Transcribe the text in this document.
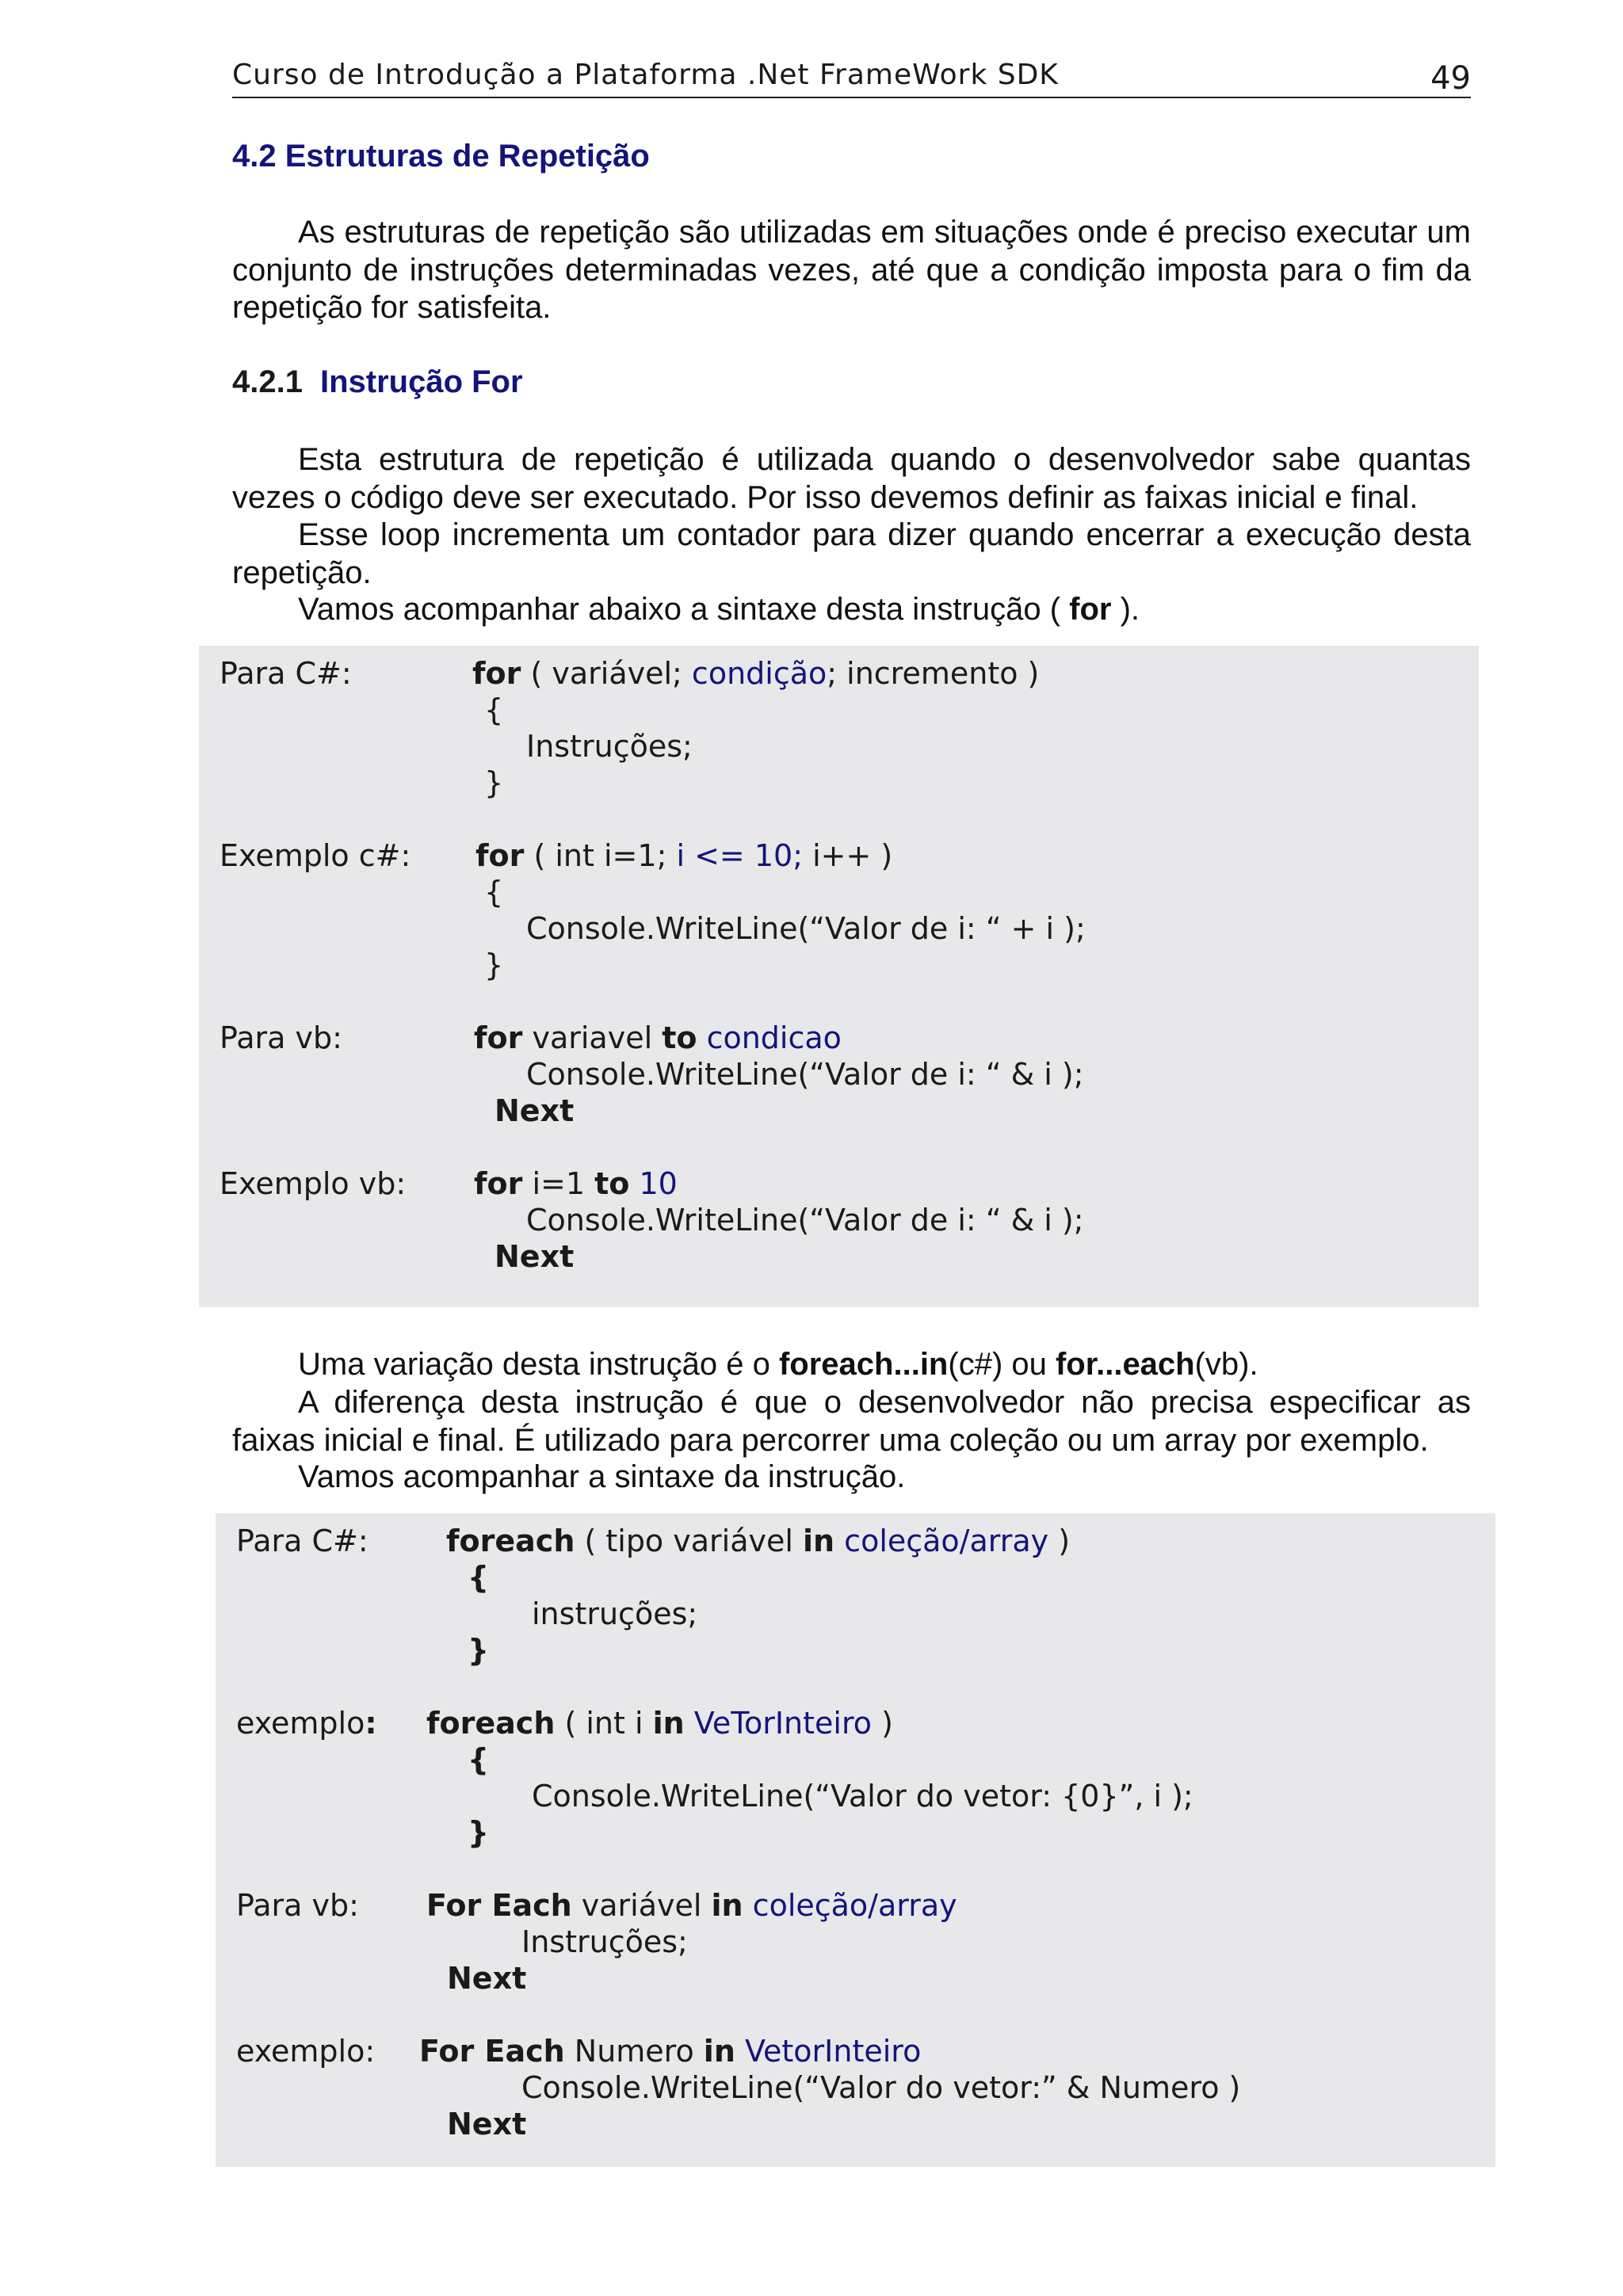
Curso de Introdução a Plataforma .Net FrameWork SDK	49
4.2 Estruturas de Repetição

As estruturas de repetição são utilizadas em situações onde é preciso executar um conjunto de instruções determinadas vezes, até que a condição imposta para o fim da repetição for satisfeita.

4.2.1 Instrução For

Esta estrutura de repetição é utilizada quando o desenvolvedor sabe quantas vezes o código deve ser executado. Por isso devemos definir as faixas inicial e final.

Esse loop incrementa um contador para dizer quando encerrar a execução desta repetição.

Vamos acompanhar abaixo a sintaxe desta instrução ( for ).
Para C#:	for ( variável; condição; incremento )
{
Instruções;
}
Exemplo c#: for ( int i=1; i <= 10; i++ )
{
Console.WriteLine(“Valor de i: “ + i );
}
Para vb:	for variavel to condicao
Console.WriteLine(“Valor de i: “ & i );
Next
Exemplo vb: for i=1 to 10
Console.WriteLine(“Valor de i: “ & i );
Next
Uma variação desta instrução é o foreach...in(c#) ou for...each(vb).

A diferença desta instrução é que o desenvolvedor não precisa especificar as faixas inicial e final. É utilizado para percorrer uma coleção ou um array por exemplo.

Vamos acompanhar a sintaxe da instrução.
Para C#:	foreach ( tipo variável in coleção/array )
{
instruções;
}
exemplo: foreach ( int i in VeTorInteiro )
{
Console.WriteLine(“Valor do vetor: {0}”, i );
}
Para vb: For Each variável in coleção/array
Instruções;
Next
exemplo: For Each Numero in VetorInteiro
Console.WriteLine(“Valor do vetor:” & Numero )
Next
